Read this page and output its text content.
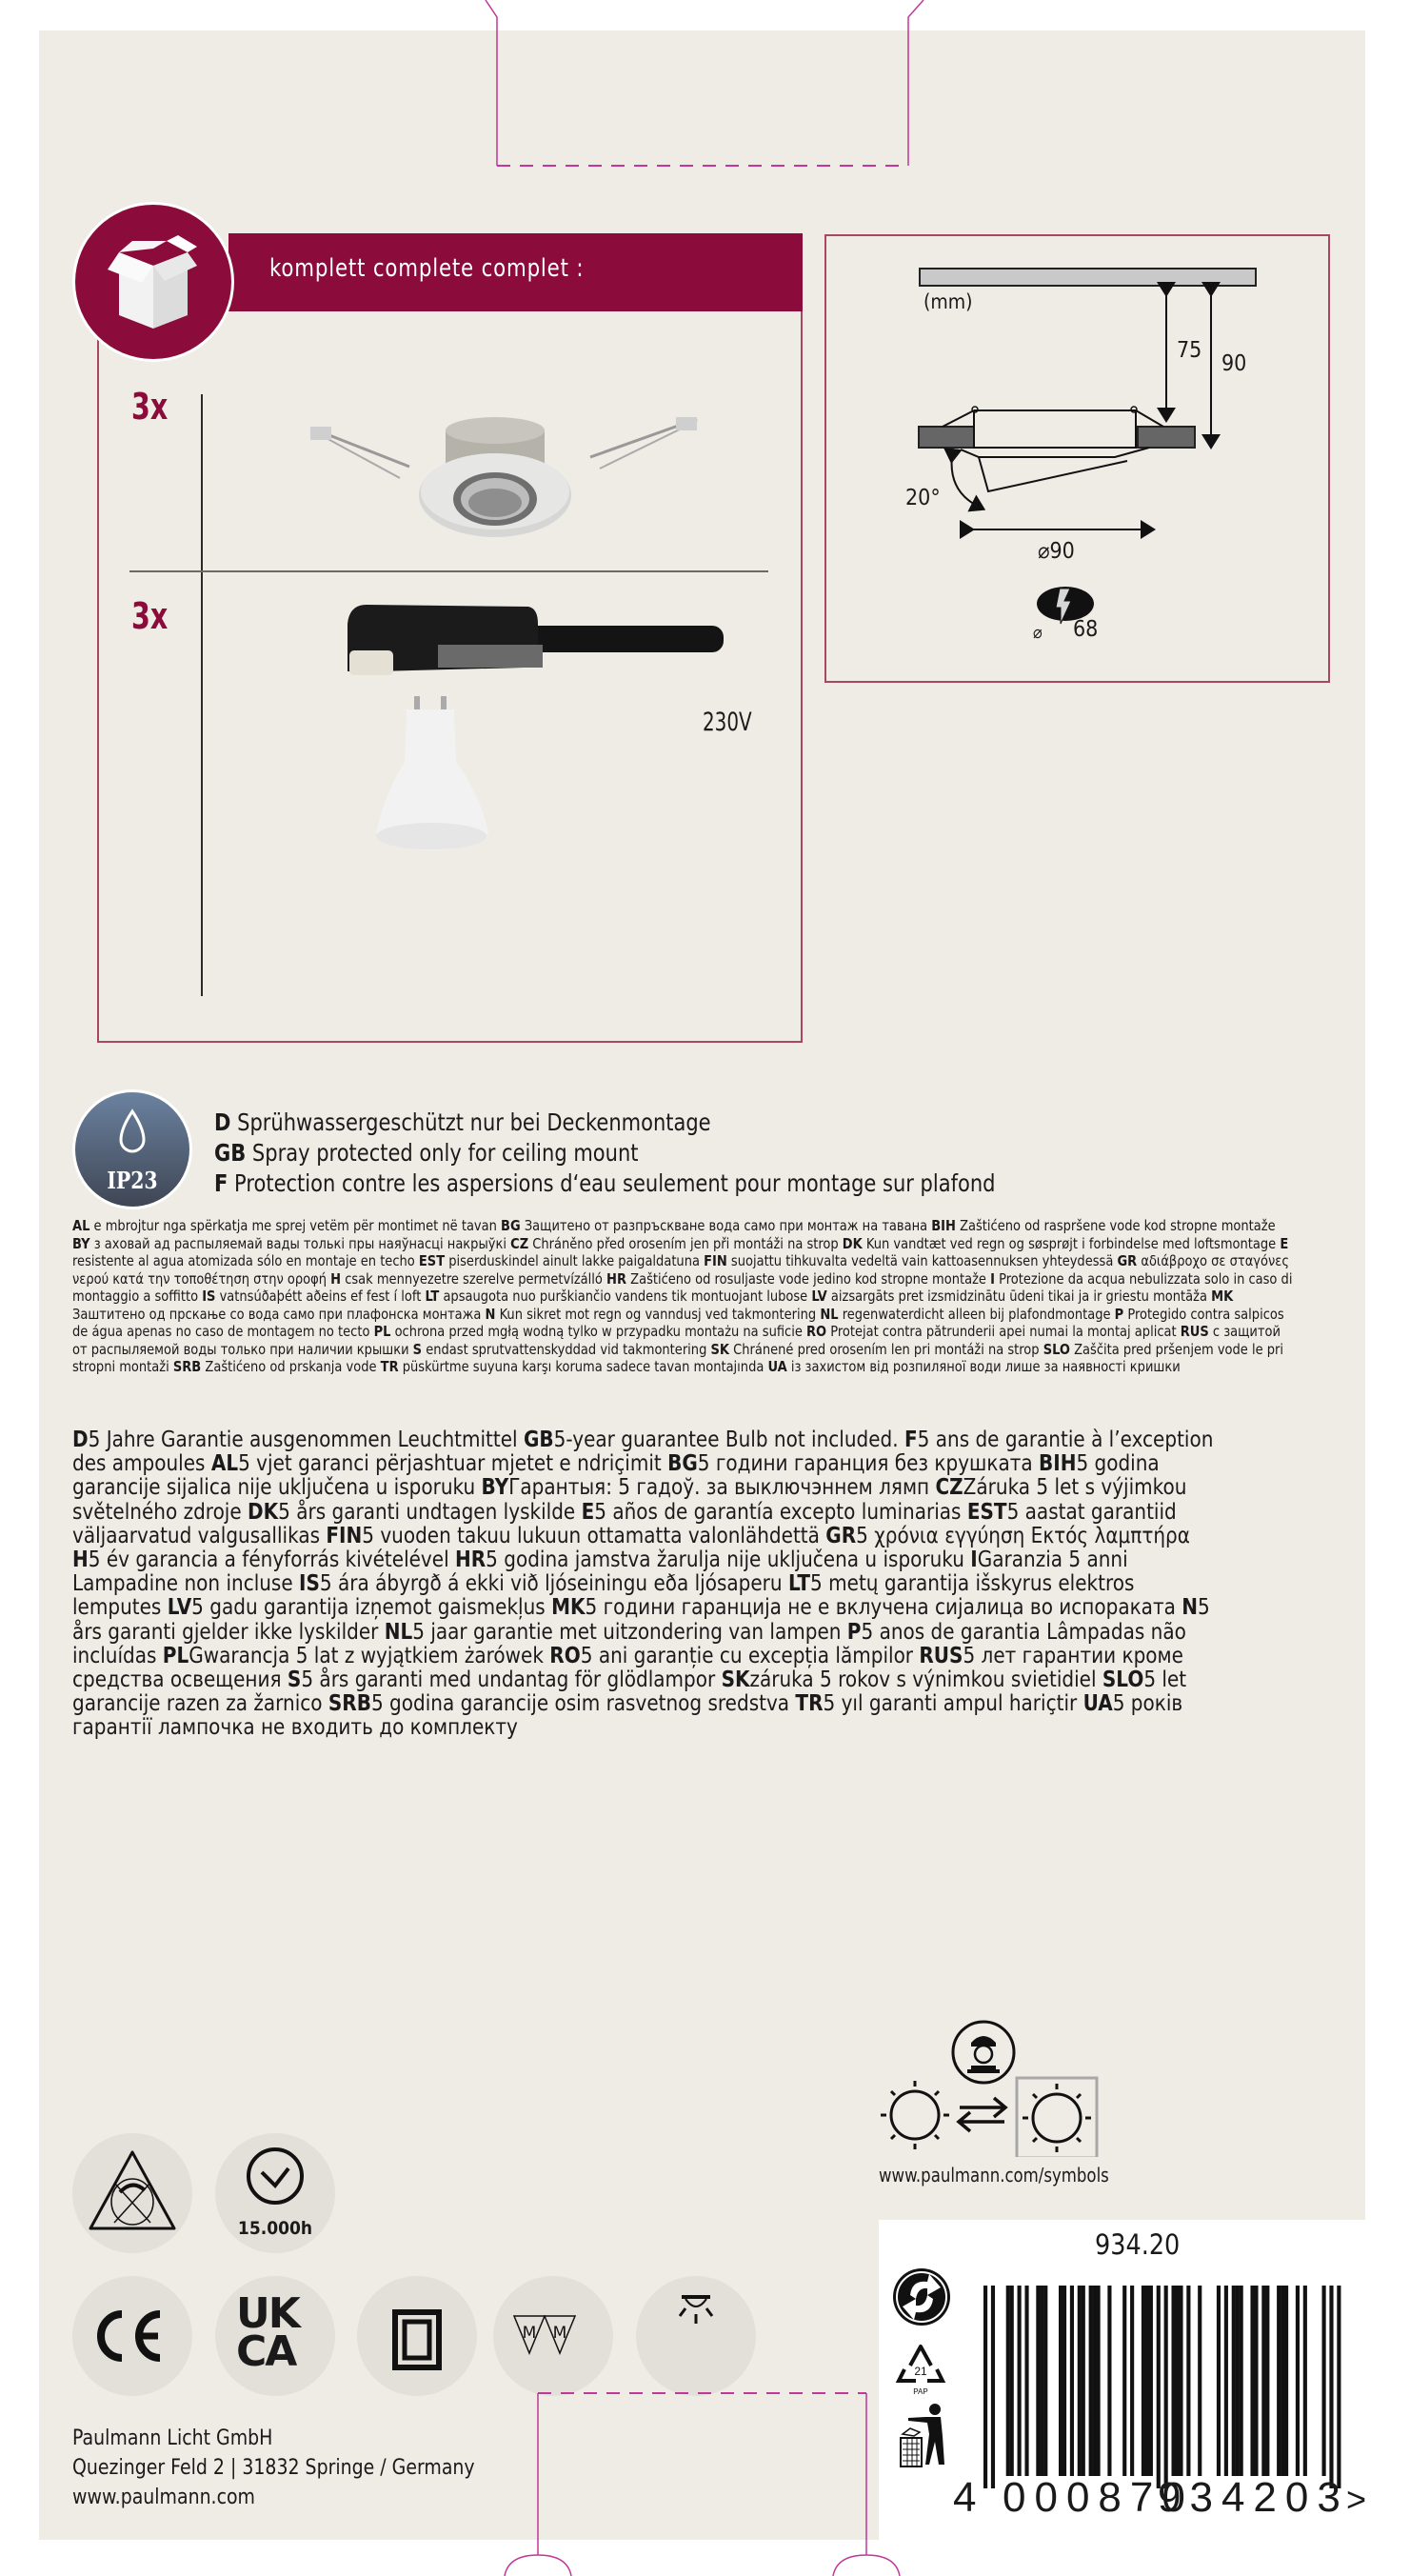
komplett complete complet :
3x
3x
230V
(mm)
75
90
20°
⌀90
⌀ 68
IP23
D Sprühwassergeschützt nur bei Deckenmontage
GB Spray protected only for ceiling mount
F Protection contre les aspersions d‘eau seulement pour montage sur plafond
AL e mbrojtur nga spërkatja me sprej vetëm për montimet në tavan BG Защитено от разпръскване вода само при монтаж на тавана BIH Zaštićeno od raspršene vode kod stropne montaže BY з аховай ад распыляемай вады толькі пры наяўнасці накрыўкі CZ Chráněno před orosením jen při montáži na strop DK Kun vandtæt ved regn og søsprøjt i forbindelse med loftsmontage E resistente al agua atomizada sólo en montaje en techo EST piserduskindel ainult lakke paigaldatuna FIN suojattu tihkuvalta vedeltä vain kattoasennuksen yhteydessä GR αδιάβροχο σε σταγόνες νερού κατά την τοποθέτηση στην οροφή H csak mennyezetre szerelve permetvízálló HR Zaštićeno od rosuljaste vode jedino kod stropne montaže I Protezione da acqua nebulizzata solo in caso di montaggio a soffitto IS vatnsúðaþétt aðeins ef fest í loft LT apsaugota nuo purškiančio vandens tik montuojant lubose LV aizsargāts pret izsmidzinātu ūdeni tikai ja ir griestu montāža MK Заштитено од прскање со вода само при плафонска монтажа N Kun sikret mot regn og vanndusj ved takmontering NL regenwaterdicht alleen bij plafondmontage P Protegido contra salpicos de água apenas no caso de montagem no tecto PL ochrona przed mgłą wodną tylko w przypadku montażu na suficie RO Protejat contra pătrunderii apei numai la montaj aplicat RUS с защитой от распыляемой воды только при наличии крышки S endast sprutvattenskyddad vid takmontering SK Chránené pred orosením len pri montáži na strop SLO Zaščita pred pršenjem vode le pri stropni montaži SRB Zaštićeno od prskanja vode TR püskürtme suyuna karşı koruma sadece tavan montajında UA із захистом від розпиляної води лише за наявності кришки
D5 Jahre Garantie ausgenommen Leuchtmittel GB5-year guarantee Bulb not included. F5 ans de garantie à l’exception des ampoules AL5 vjet garanci përjashtuar mjetet e ndriçimit BG5 години гаранция без крушката BIH5 godina garancije sijalica nije uključena u isporuku BYГарантыя: 5 гадоў. за выключэннем лямп CZZáruka 5 let s výjimkou světelného zdroje DK5 års garanti undtagen lyskilde E5 años de garantía excepto luminarias EST5 aastat garantiid väljaarvatud valgusallikas FIN5 vuoden takuu lukuun ottamatta valonlähdettä GR5 χρόνια εγγύηση Εκτός λαμπτήρα H5 év garancia a fényforrás kivételével HR5 godina jamstva žarulja nije uključena u isporuku IGaranzia 5 anni Lampadine non incluse IS5 ára ábyrgð á ekki við ljóseiningu eða ljósaperu LT5 metų garantija išskyrus elektros lemputes LV5 gadu garantija izņemot gaismekļus MK5 години гаранција не е вклучена сијалица во испораката N5 års garanti gjelder ikke lyskilder NL5 jaar garantie met uitzondering van lampen P5 anos de garantia Lâmpadas não incluídas PLGwarancja 5 lat z wyjątkiem żarówek RO5 ani garanție cu excepția lămpilor RUS5 лет гарантии кроме средства освещения S5 års garanti med undantag för glödlampor SKzáruka 5 rokov s výnimkou svietidiel SLO5 let garancije razen za žarnico SRB5 godina garancije osim rasvetnog sredstva TR5 yıl garanti ampul hariçtir UA5 років гарантії лампочка не входить до комплекту
www.paulmann.com/symbols
15.000h
UK
CA	M M
Paulmann Licht GmbH
Quezinger Feld 2 | 31832 Springe / Germany
www.paulmann.com
934.20
21
PAP
4 000870
934203
>
